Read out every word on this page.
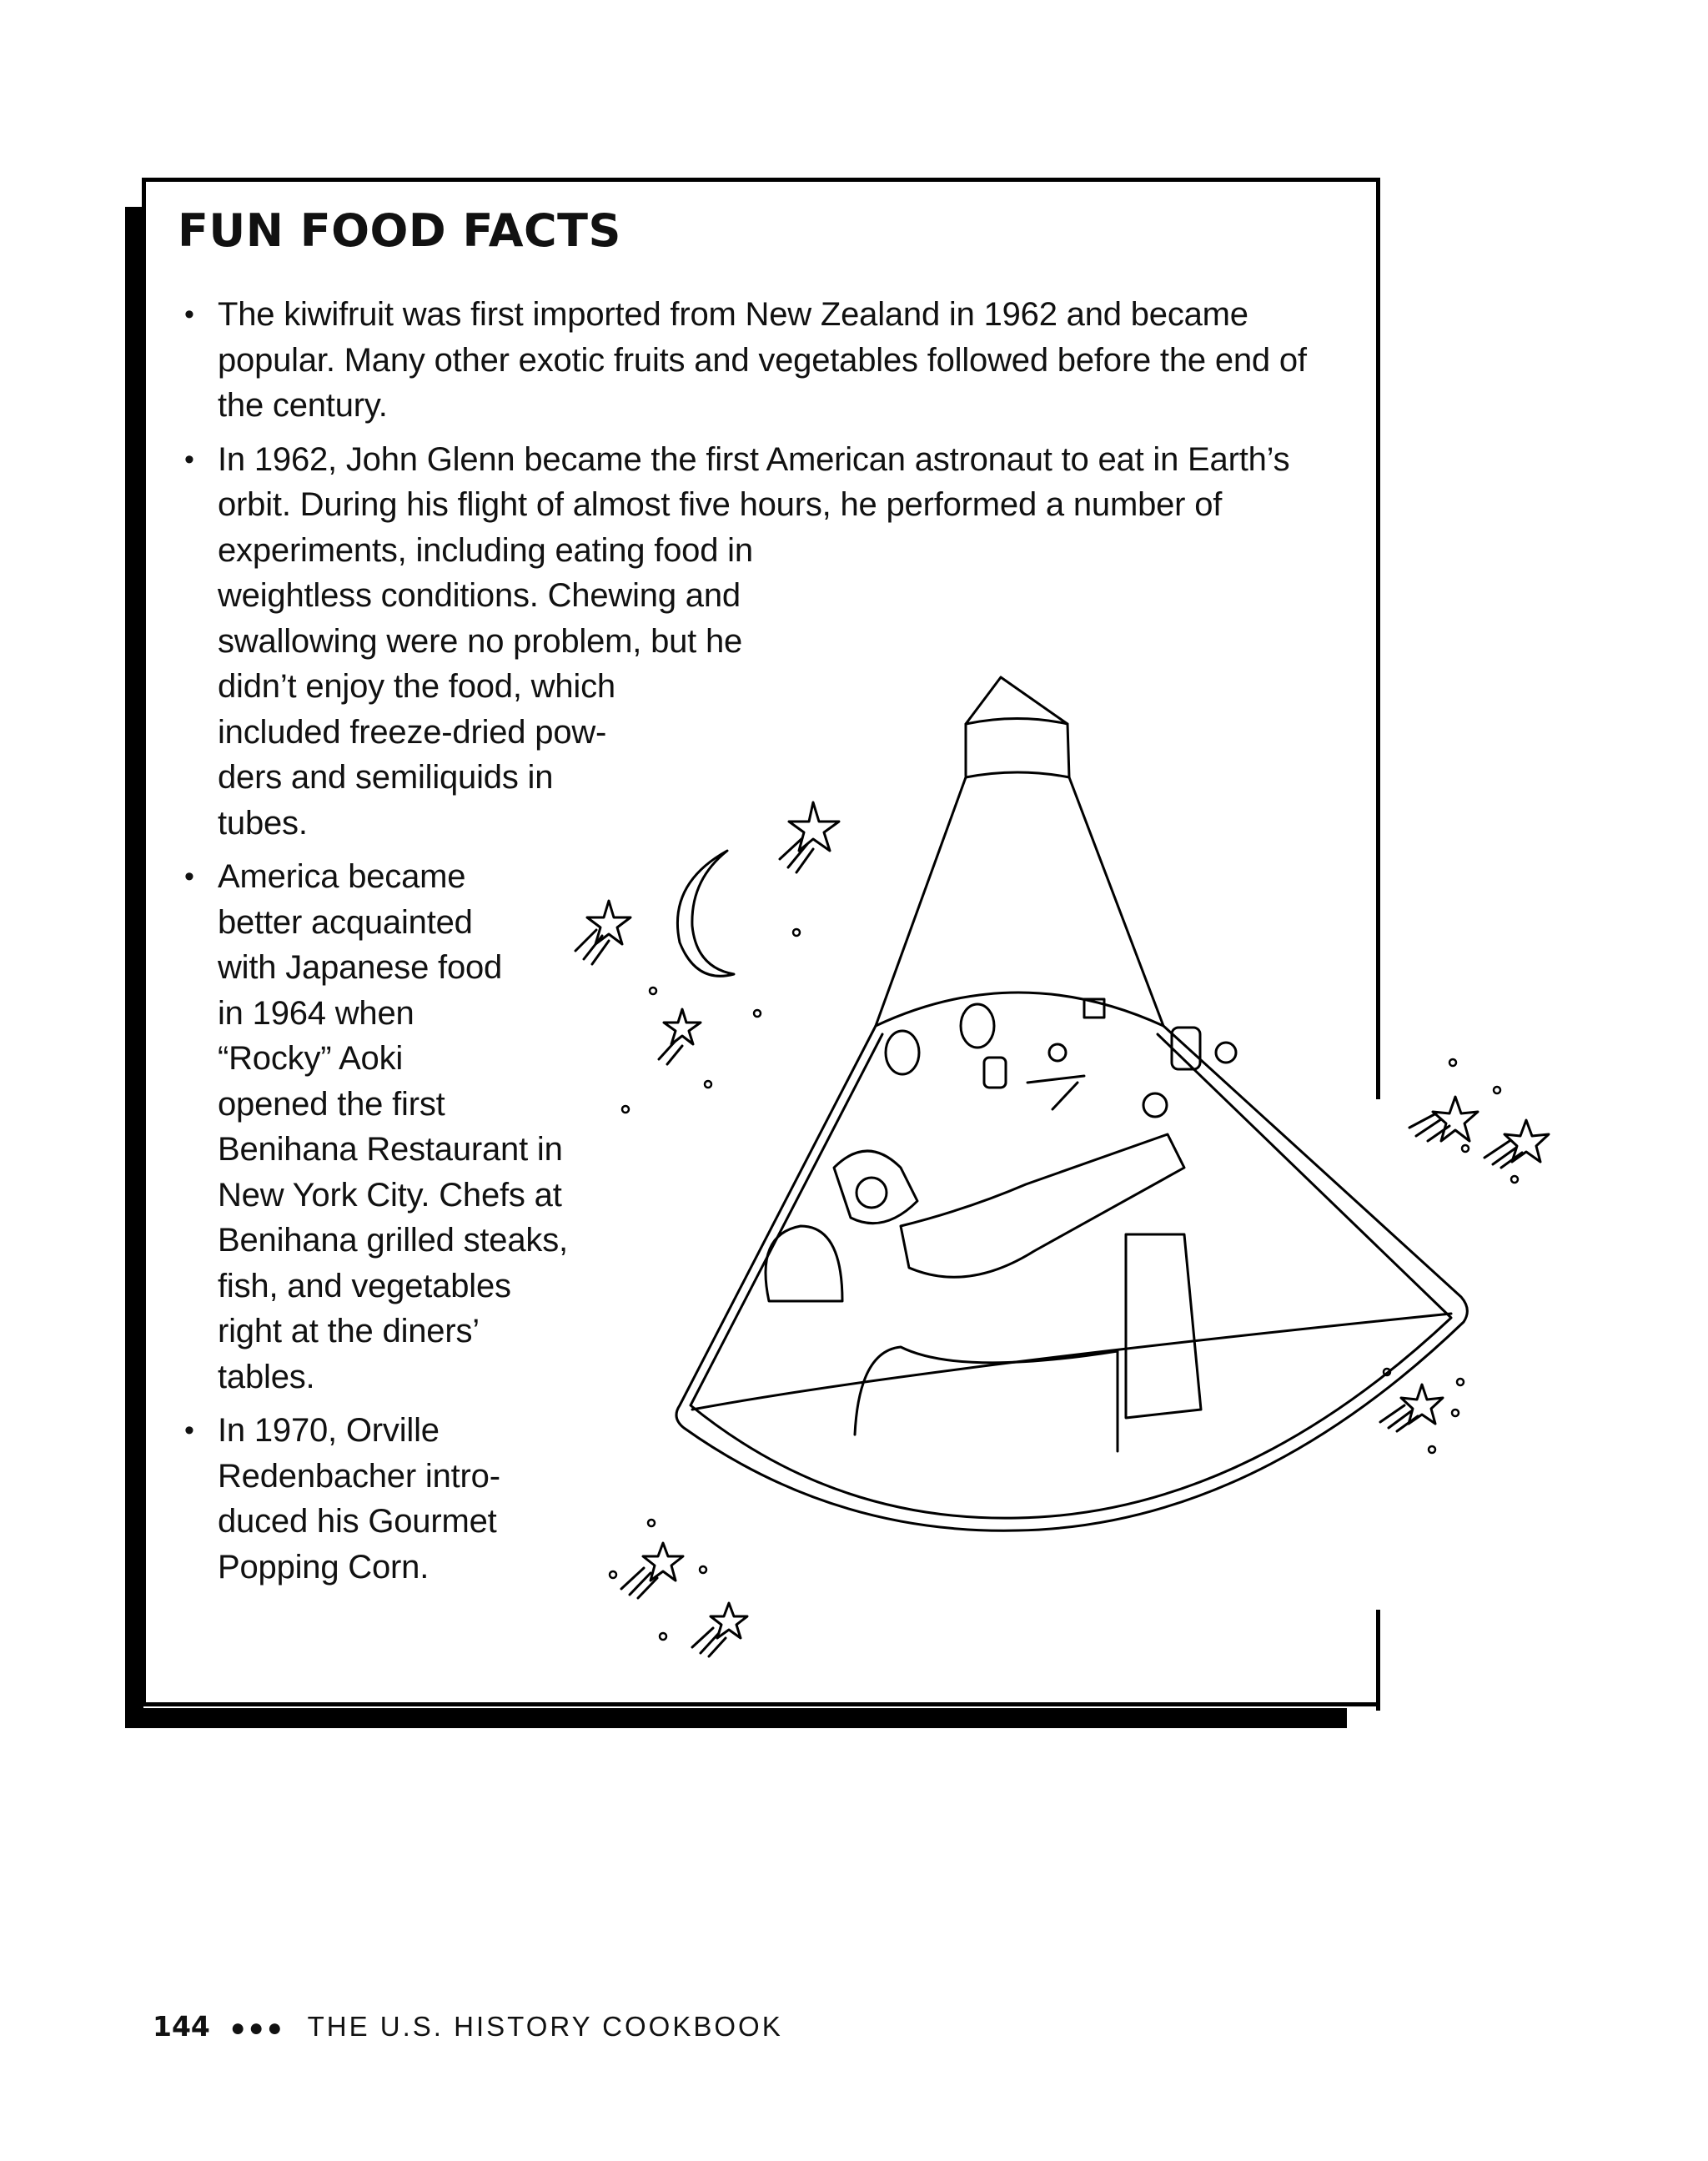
FUN FOOD FACTS
• The kiwifruit was first imported from New Zealand in 1962 and became
popular. Many other exotic fruits and vegetables followed before the end of
the century.
• In 1962, John Glenn became the first American astronaut to eat in Earth’s
orbit. During his flight of almost five hours, he performed a number of
experiments, including eating food in
weightless conditions. Chewing and
swallowing were no problem, but he
didn’t enjoy the food, which
included freeze-dried pow-
ders and semiliquids in
tubes.
• America became
better acquainted
with Japanese food
in 1964 when
“Rocky” Aoki
opened the first
Benihana Restaurant in
New York City. Chefs at
Benihana grilled steaks,
fish, and vegetables
right at the diners’
tables.
• In 1970, Orville
Redenbacher intro-
duced his Gourmet
Popping Corn.
144 ●●● THE U.S. HISTORY COOKBOOK
